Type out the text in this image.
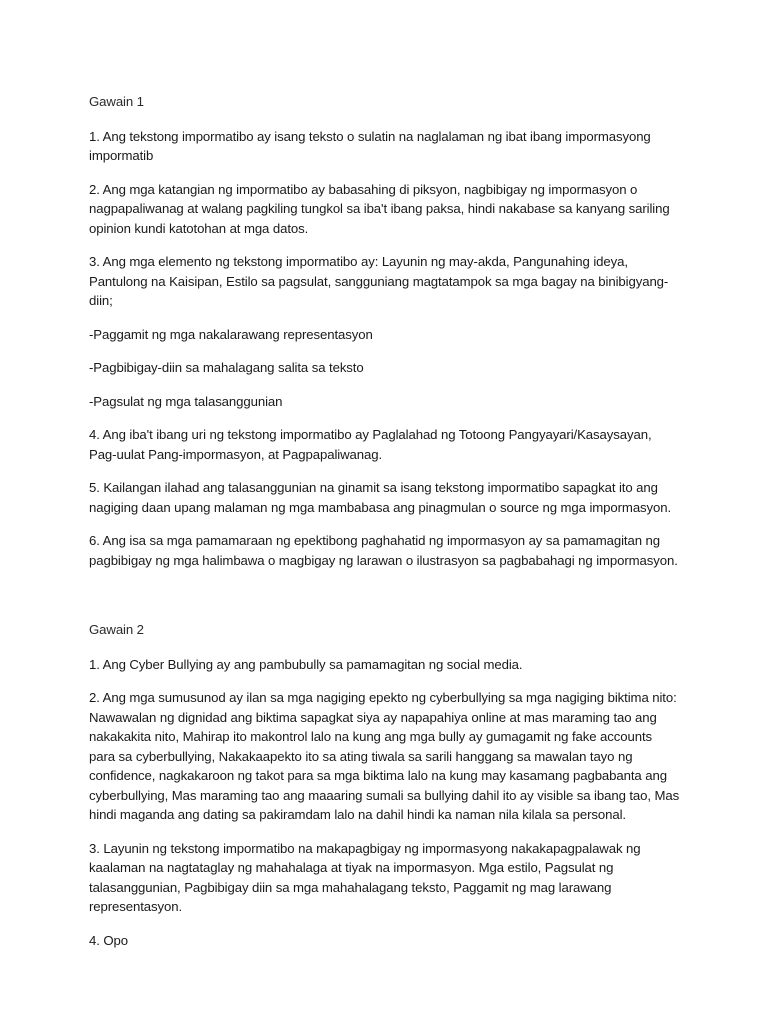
Gawain 1
1. Ang tekstong impormatibo ay isang teksto o sulatin na naglalaman ng ibat ibang impormasyong impormatib
2. Ang mga katangian ng impormatibo ay babasahing di piksyon, nagbibigay ng impormasyon o nagpapaliwanag at walang pagkiling tungkol sa iba't ibang paksa, hindi nakabase sa kanyang sariling opinion kundi katotohan at mga datos.
3. Ang mga elemento ng tekstong impormatibo ay: Layunin ng may-akda, Pangunahing ideya, Pantulong na Kaisipan, Estilo sa pagsulat, sangguniang magtatampok sa mga bagay na binibigyang-diin;
-Paggamit ng mga nakalarawang representasyon
-Pagbibigay-diin sa mahalagang salita sa teksto
-Pagsulat ng mga talasanggunian
4. Ang iba't ibang uri ng tekstong impormatibo ay Paglalahad ng Totoong Pangyayari/Kasaysayan, Pag-uulat Pang-impormasyon, at Pagpapaliwanag.
5. Kailangan ilahad ang talasanggunian na ginamit sa isang tekstong impormatibo sapagkat ito ang nagiging daan upang malaman ng mga mambabasa ang pinagmulan o source ng mga impormasyon.
6. Ang isa sa mga pamamaraan ng epektibong paghahatid ng impormasyon ay sa pamamagitan ng pagbibigay ng mga halimbawa o magbigay ng larawan o ilustrasyon sa pagbabahagi ng impormasyon.
Gawain 2
1. Ang Cyber Bullying ay ang pambubully sa pamamagitan ng social media.
2. Ang mga sumusunod ay ilan sa mga nagiging epekto ng cyberbullying sa mga nagiging biktima nito: Nawawalan ng dignidad ang biktima sapagkat siya ay napapahiya online at mas maraming tao ang nakakakita nito, Mahirap ito makontrol lalo na kung ang mga bully ay gumagamit ng fake accounts para sa cyberbullying, Nakakaapekto ito sa ating tiwala sa sarili hanggang sa mawalan tayo ng confidence, nagkakaroon ng takot para sa mga biktima lalo na kung may kasamang pagbabanta ang cyberbullying, Mas maraming tao ang maaaring sumali sa bullying dahil ito ay visible sa ibang tao, Mas hindi maganda ang dating sa pakiramdam lalo na dahil hindi ka naman nila kilala sa personal.
3. Layunin ng tekstong impormatibo na makapagbigay ng impormasyong nakakapagpalawak ng kaalaman na nagtataglay ng mahahalaga at tiyak na impormasyon. Mga estilo, Pagsulat ng talasanggunian, Pagbibigay diin sa mga mahahalagang teksto, Paggamit ng mag larawang representasyon.
4. Opo
